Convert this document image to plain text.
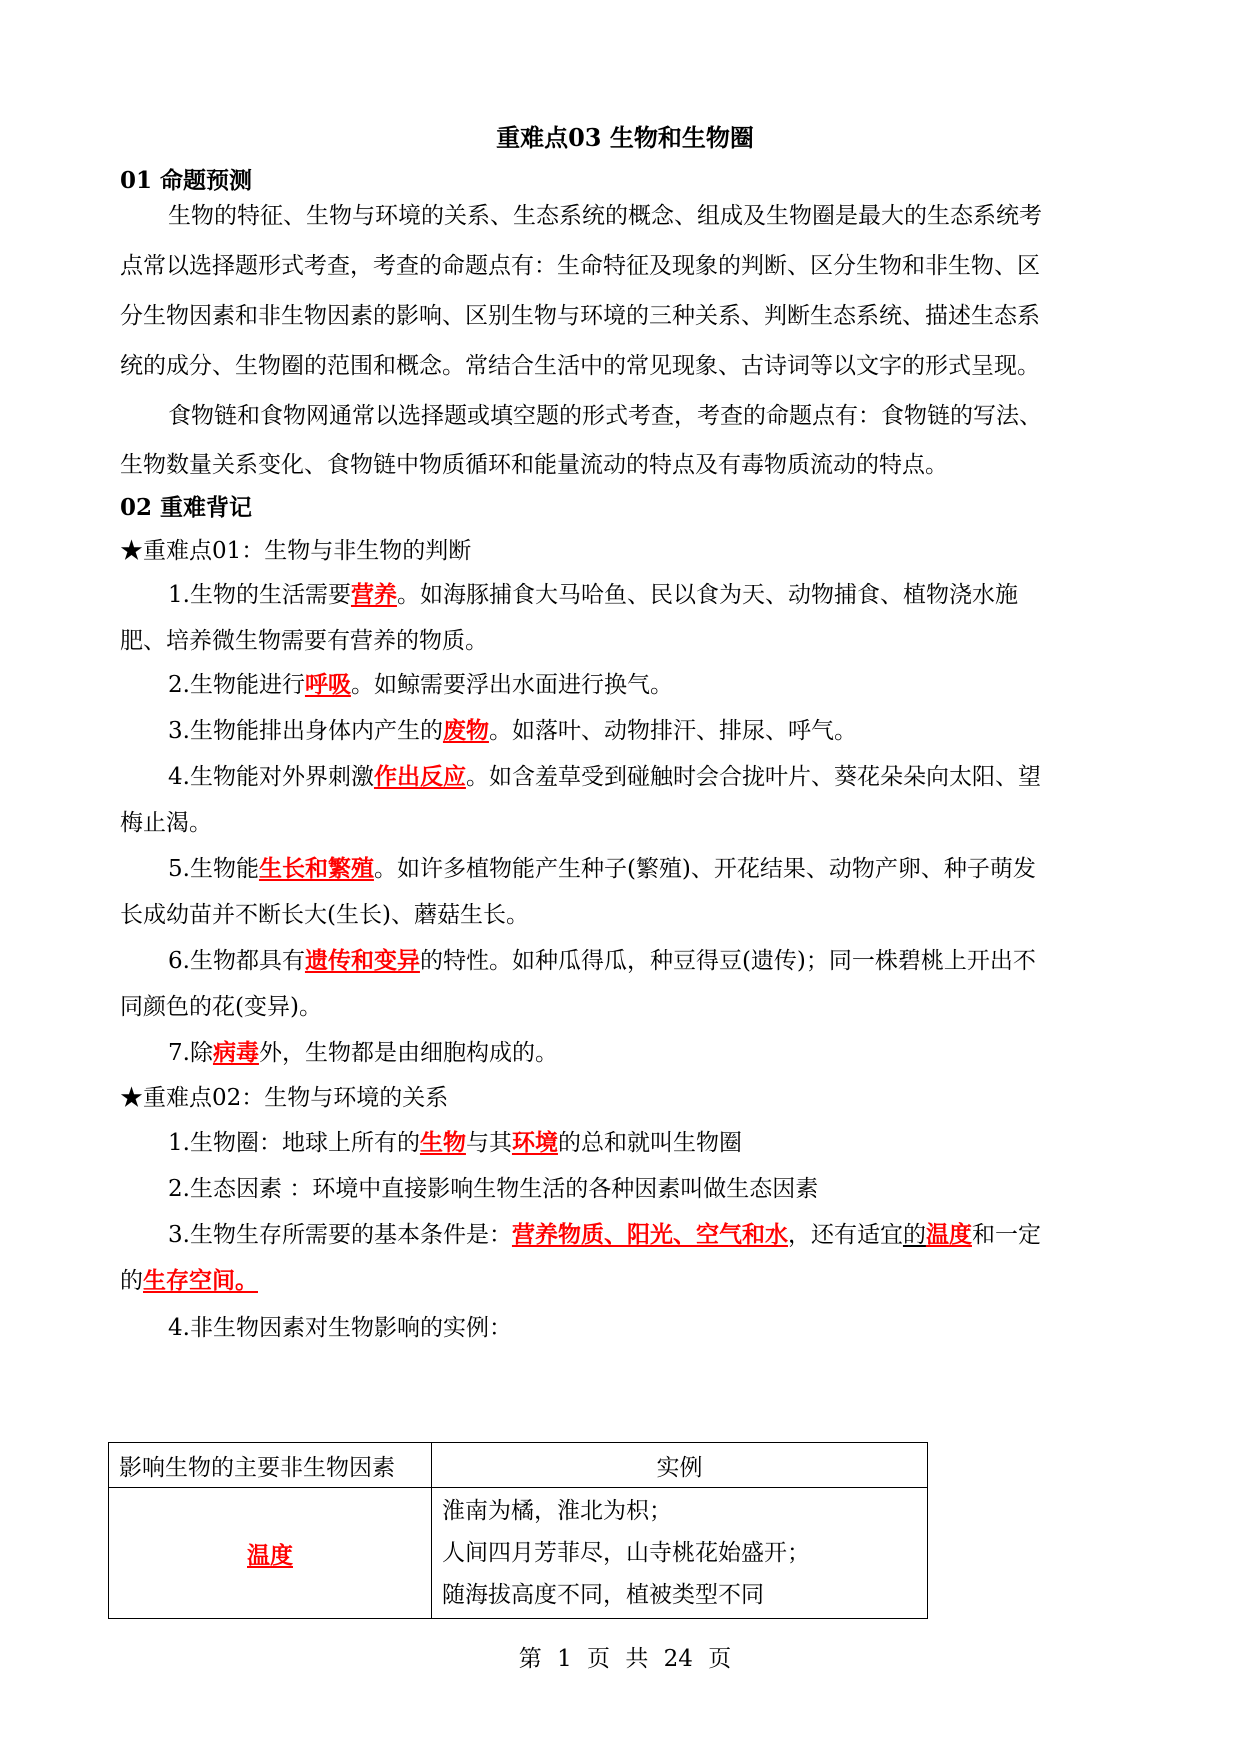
重难点03 生物和生物圈
01 命题预测
生物的特征、生物与环境的关系、生态系统的概念、组成及生物圈是最大的生态系统考
点常以选择题形式考查，考查的命题点有：生命特征及现象的判断、区分生物和非生物、区
分生物因素和非生物因素的影响、区别生物与环境的三种关系、判断生态系统、描述生态系
统的成分、生物圈的范围和概念。常结合生活中的常见现象、古诗词等以文字的形式呈现。
食物链和食物网通常以选择题或填空题的形式考查，考查的命题点有：食物链的写法、
生物数量关系变化、食物链中物质循环和能量流动的特点及有毒物质流动的特点。
02 重难背记
★重难点01：生物与非生物的判断
1.生物的生活需要营养。如海豚捕食大马哈鱼、民以食为天、动物捕食、植物浇水施
肥、培养微生物需要有营养的物质。
2.生物能进行呼吸。如鲸需要浮出水面进行换气。
3.生物能排出身体内产生的废物。如落叶、动物排汗、排尿、呼气。
4.生物能对外界刺激作出反应。如含羞草受到碰触时会合拢叶片、葵花朵朵向太阳、望
梅止渴。
5.生物能生长和繁殖。如许多植物能产生种子(繁殖)、开花结果、动物产卵、种子萌发
长成幼苗并不断长大(生长)、蘑菇生长。
6.生物都具有遗传和变异的特性。如种瓜得瓜，种豆得豆(遗传)；同一株碧桃上开出不
同颜色的花(变异)。
7.除病毒外，生物都是由细胞构成的。
★重难点02：生物与环境的关系
1.生物圈：地球上所有的生物与其环境的总和就叫生物圈
2.生态因素 ：环境中直接影响生物生活的各种因素叫做生态因素
3.生物生存所需要的基本条件是：营养物质、阳光、空气和水，还有适宜的温度和一定
的生存空间。
4.非生物因素对生物影响的实例：
影响生物的主要非生物因素	实例
温度	淮南为橘，淮北为枳；
人间四月芳菲尽，山寺桃花始盛开；
随海拔高度不同，植被类型不同
第 1 页 共 24 页
